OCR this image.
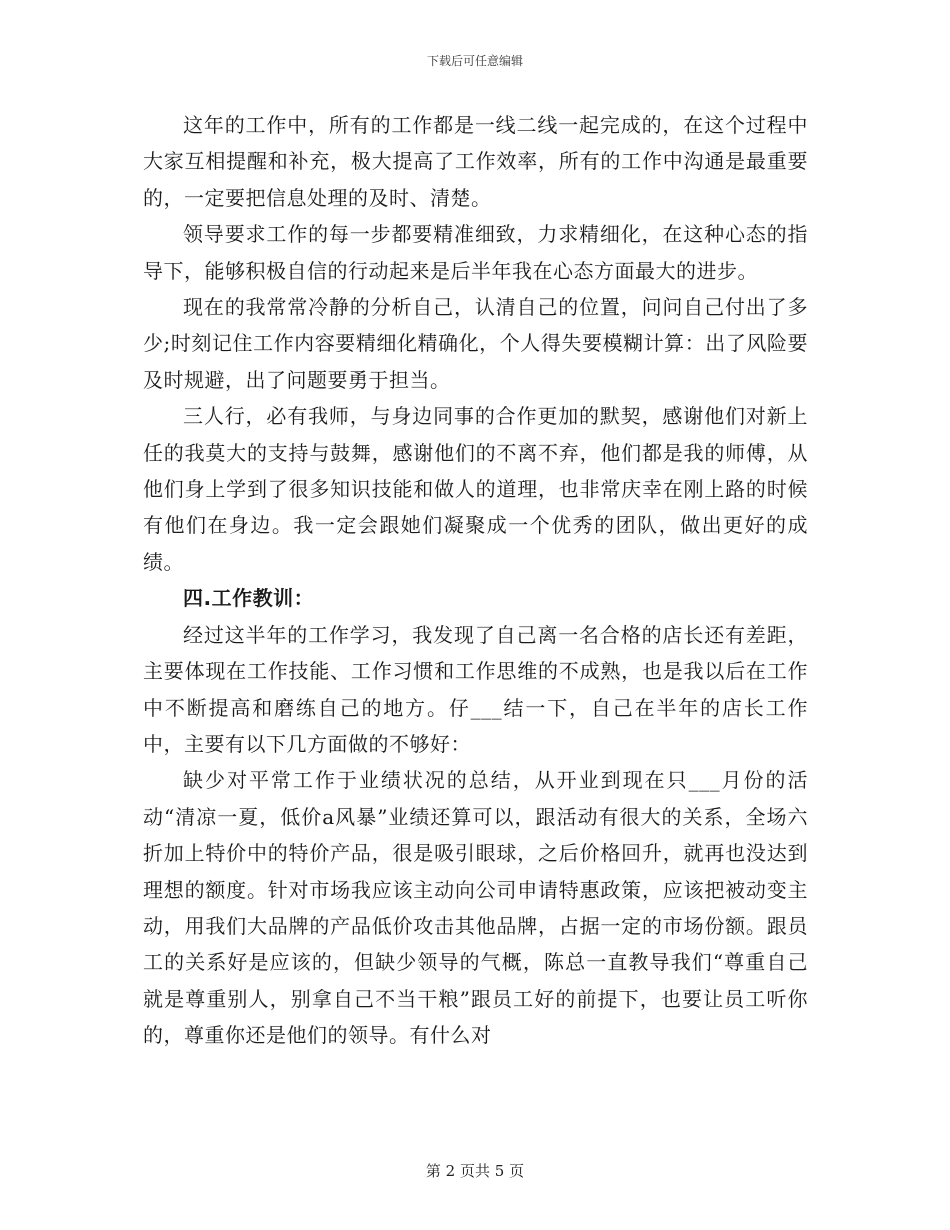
下载后可任意编辑

这年的工作中，所有的工作都是一线二线一起完成的，在这个过程中大家互相提醒和补充，极大提高了工作效率，所有的工作中沟通是最重要的，一定要把信息处理的及时、清楚。

领导要求工作的每一步都要精准细致，力求精细化，在这种心态的指导下，能够积极自信的行动起来是后半年我在心态方面最大的进步。

现在的我常常冷静的分析自己，认清自己的位置，问问自己付出了多少;时刻记住工作内容要精细化精确化，个人得失要模糊计算：出了风险要及时规避，出了问题要勇于担当。

三人行，必有我师，与身边同事的合作更加的默契，感谢他们对新上任的我莫大的支持与鼓舞，感谢他们的不离不弃，他们都是我的师傅，从他们身上学到了很多知识技能和做人的道理，也非常庆幸在刚上路的时候有他们在身边。我一定会跟她们凝聚成一个优秀的团队，做出更好的成绩。

四.工作教训：

经过这半年的工作学习，我发现了自己离一名合格的店长还有差距，主要体现在工作技能、工作习惯和工作思维的不成熟，也是我以后在工作中不断提高和磨练自己的地方。仔___结一下，自己在半年的店长工作中，主要有以下几方面做的不够好：

缺少对平常工作于业绩状况的总结，从开业到现在只___月份的活动“清凉一夏，低价a风暴”业绩还算可以，跟活动有很大的关系，全场六折加上特价中的特价产品，很是吸引眼球，之后价格回升，就再也没达到理想的额度。针对市场我应该主动向公司申请特惠政策，应该把被动变主动，用我们大品牌的产品低价攻击其他品牌，占据一定的市场份额。跟员工的关系好是应该的，但缺少领导的气概，陈总一直教导我们“尊重自己就是尊重别人，别拿自己不当干粮”跟员工好的前提下，也要让员工听你的，尊重你还是他们的领导。有什么对

第 2 页共 5 页
